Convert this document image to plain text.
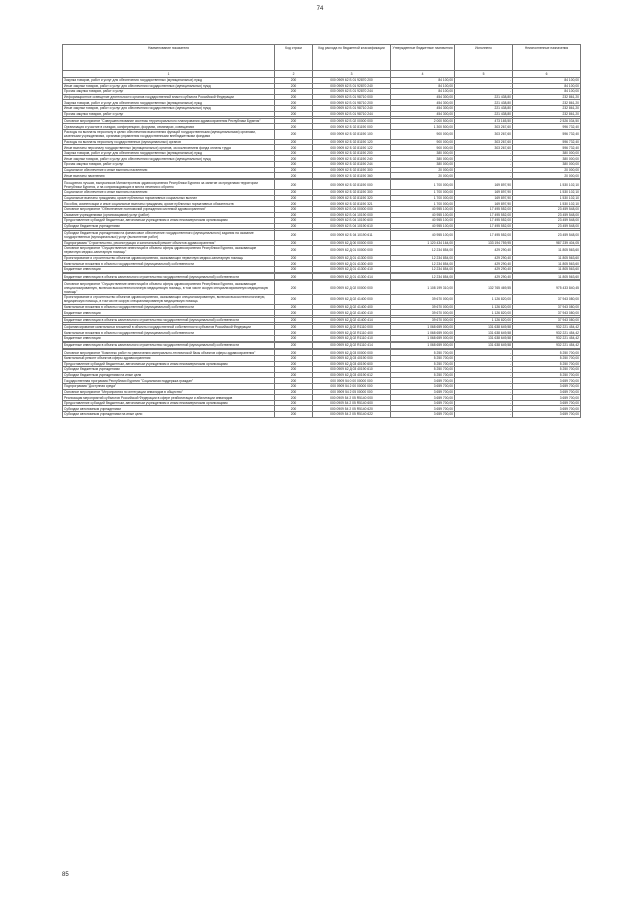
74
Наименование показателя	Код строки	Код расхода по бюджетной классификации	Утвержденные бюджетные назначения	Исполнено	Неисполненные назначения
1	2	3	4	5	6
Закупка товаров, работ и услуг для обеспечения государственных (муниципальных) нужд	200	000 0909 62 Б 01 92870 200	84 100,00	-	84 100,00
Иные закупки товаров, работ и услуг для обеспечения государственных (муниципальных) нужд	200	000 0909 62 Б 01 92870 240	84 100,00	-	84 100,00
Прочая закупка товаров, работ и услуг	200	000 0909 62 Б 01 92870 244	84 100,00	-	84 100,00
Информационное освещение деятельности органов государственной власти субъекта Российской Федерации	200	000 0909 62 Б 01 98710 000	454 300,00	221 438,80	232 861,20
Закупка товаров, работ и услуг для обеспечения государственных (муниципальных) нужд	200	000 0909 62 Б 01 98710 200	454 300,00	221 438,80	232 861,20
Иные закупки товаров, работ и услуг для обеспечения государственных (муниципальных) нужд	200	000 0909 62 Б 01 98710 240	454 300,00	221 438,80	232 861,20
Прочая закупка товаров, работ и услуг	200	000 0909 62 Б 01 98710 244	454 300,00	221 438,80	232 861,20

Основное мероприятие "Совершенствование системы территориального планирования здравоохранения Республики Бурятия"	200	000 0909 62 Б 02 00000 000	2 000 500,00	473 165,50	2 526 034,50
Организация и участие в съездах, конференциях, форумах, семинарах, совещаниях	200	000 0909 62 Б 02 81190 000	1 300 500,00	303 267,60	996 732,40
Расходы на выплаты персоналу в целях обеспечения выполнения функций государственными (муниципальными) органами, казенными учреждениями, органами управления государственными внебюджетными фондами	200	000 0909 62 Б 02 81190 100	900 000,00	303 267,60	596 732,40
Расходы на выплаты персоналу государственных (муниципальных) органов	200	000 0909 62 Б 02 81190 120	900 000,00	303 267,60	596 732,40
Иные выплаты персоналу государственных (муниципальных) органов, за исключением фонда оплаты труда	200	000 0909 62 Б 02 81190 122	900 000,00	303 267,60	596 732,40
Закупка товаров, работ и услуг для обеспечения государственных (муниципальных) нужд	200	000 0909 62 Б 02 81190 200	380 000,00	-	380 000,00
Иные закупки товаров, работ и услуг для обеспечения государственных (муниципальных) нужд	200	000 0909 62 Б 02 81190 240	380 000,00	-	380 000,00
Прочая закупка товаров, работ и услуг	200	000 0909 62 Б 02 81190 244	380 000,00	-	380 000,00
Социальное обеспечение и иные выплаты населению	200	000 0909 62 Б 02 81190 300	20 000,00	-	20 000,00
Иные выплаты населению	200	000 0909 62 Б 02 81190 360	20 000,00	-	20 000,00

Поощрения лучших, выпускников Министерством здравоохранения Республики Бурятия за занятие за пределами территории Республики Бурятия, и на сопровождающих в места лечения и обратно	200	000 0909 62 Б 02 81190 000	1 700 000,00	169 897,90	1 530 102,10
Социальное обеспечение и иные выплаты населению	200	000 0909 62 Б 02 81190 300	1 700 000,00	169 897,90	1 530 102,10
Социальные выплаты гражданам, кроме публичных нормативных социальных выплат	200	000 0909 62 Б 02 81190 320	1 700 000,00	169 897,90	1 530 102,10
Пособия, компенсации и иные социальные выплаты гражданам, кроме публичных нормативных обязательств	200	000 0909 62 Б 02 81190 321	1 700 000,00	169 897,90	1 530 102,10
Основное мероприятие "Обеспечение полномочий учреждения системой здравоохранения"	200	000 0909 62 Б 04 00000 000	40 955 100,00	17 495 552,00	23 459 548,00
Оказание учреждениями (организациями) услуг (работ)	200	000 0909 62 Б 04 10190 000	40 955 100,00	17 495 552,00	23 459 548,00
Предоставление субсидий бюджетным, автономным учреждениям и иным некоммерческим организациям	200	000 0909 62 Б 04 10190 600	40 955 100,00	17 495 552,00	23 459 548,00
Субсидии бюджетным учреждениям	200	000 0909 62 Б 04 10190 610	40 955 100,00	17 495 552,00	23 459 548,00

Субсидии бюджетным учреждениям на финансовое обеспечение государственного (муниципального) задания на оказание государственных (муниципальных) услуг (выполнение работ)	200	000 0909 62 Б 04 10190 611	40 955 100,00	17 495 552,00	23 459 548,00
Подпрограмма "Строительство, реконструкция и капитальный ремонт объектов здравоохранения"	200	000 0909 62 Д 00 00000 000	1 120 434 164,00	133 194 759,95	987 239 404,05
Основное мероприятие "Осуществление инвестиций в объекты сферы здравоохранения Республики Бурятия, оказывающие первичную медико-санитарную помощь"	200	000 0909 62 Д 01 00000 000	12 234 854,00	429 290,40	11 805 563,60
Проектирование и строительство объектов здравоохранения, оказывающих первичную медико-санитарную помощь	200	000 0909 62 Д 01 41300 000	12 234 854,00	429 290,40	11 805 563,60
Капитальные вложения в объекты государственной (муниципальной) собственности	200	000 0909 62 Д 01 41300 400	12 234 854,00	429 290,40	11 805 563,60
Бюджетные инвестиции	200	000 0909 62 Д 01 41300 410	12 234 854,00	429 290,40	11 805 563,60

Бюджетные инвестиции в объекты капитального строительства государственной (муниципальной) собственности	200	000 0909 62 Д 01 41300 414	12 234 854,00	429 290,40	11 805 563,60

Основное мероприятие "Осуществление инвестиций в объекты сферы здравоохранения Республики Бурятия, оказывающие специализированную, включая высокотехнологичную медицинскую помощь, в том числе скорую специализированную медицинскую помощь"	200	000 0909 62 Д 02 00000 000	1 108 199 310,00	132 765 469,55	975 433 840,45
Проектирование и строительство объектов здравоохранения, оказывающих специализированную, включая высокотехнологичную, медицинскую помощь, в том числе скорую специализированную медицинскую помощь	200	000 0909 62 Д 02 41400 000	39 670 000,00	1 126 820,00	37 943 080,00
Капитальные вложения в объекты государственной (муниципальной) собственности	200	000 0909 62 Д 02 41400 400	39 670 000,00	1 126 820,00	37 943 080,00
Бюджетные инвестиции	200	000 0909 62 Д 02 41400 410	39 670 000,00	1 126 820,00	37 943 080,00

Бюджетные инвестиции в объекты капитального строительства государственной (муниципальной) собственности	200	000 0909 62 Д 02 41400 414	39 670 000,00	1 126 820,00	37 943 080,00

Софинансирование капитальных вложений в объекты государственной собственности субъектов Российской Федерации	200	000 0909 62 Д 02 R1110 000	1 068 659 000,00	131 638 649,58	932 221 454,42
Капитальные вложения в объекты государственной (муниципальной) собственности	200	000 0909 62 Д 02 R1110 400	1 068 659 000,00	131 638 649,58	932 221 454,42
Бюджетные инвестиции	200	000 0909 62 Д 02 R1110 410	1 068 659 000,00	131 638 649,58	932 221 454,42

Бюджетные инвестиции в объекты капитального строительства государственной (муниципальной) собственности	200	000 0909 62 Д 02 R1110 414	1 068 659 000,00	131 638 649,58	932 221 454,42

Основное мероприятие "Комплекс работ по увеличению материально-технической базы объектов сферы здравоохранения"	200	000 0909 62 Д 03 00000 000	5 250 700,00	-	5 250 700,00
Капитальный ремонт объектов сферы здравоохранения	200	000 0909 62 Д 03 40190 000	5 250 700,00	-	5 250 700,00
Предоставление субсидий бюджетным, автономным учреждениям и иным некоммерческим организациям	200	000 0909 62 Д 03 40190 600	5 250 700,00	-	5 250 700,00
Субсидии бюджетным учреждениям	200	000 0909 62 Д 03 40190 610	5 250 700,00	-	5 250 700,00
Субсидии бюджетным учреждениям на иные цели	200	000 0909 62 Д 03 40190 612	5 250 700,00	-	5 250 700,00
Государственная программа Республики Бурятия "Социальная поддержка граждан"	200	000 0909 54 0 00 00000 000	3 659 700,00	-	3 659 700,00
Подпрограмма "Доступная среда"	200	000 0909 54 2 00 00000 000	3 659 700,00	-	3 659 700,00
Основное мероприятие "Мероприятия по интеграции инвалидов в общество"	200	000 0909 54 2 05 00000 000	3 659 700,00	-	3 659 700,00
Реализация мероприятий субъектов Российской Федерации в сфере реабилитации и абилитации инвалидов	200	000 0909 54 2 05 R5140 000	3 659 700,00	-	3 659 700,00
Предоставление субсидий бюджетным, автономным учреждениям и иным некоммерческим организациям	200	000 0909 54 2 05 R5140 600	3 659 700,00	-	3 659 700,00
Субсидии автономным учреждениям	200	000 0909 54 2 05 R5140 620	3 659 700,00	-	3 659 700,00
Субсидии автономным учреждениям на иные цели	200	000 0909 54 2 05 R5140 622	3 659 700,00	-	3 659 700,00
85
